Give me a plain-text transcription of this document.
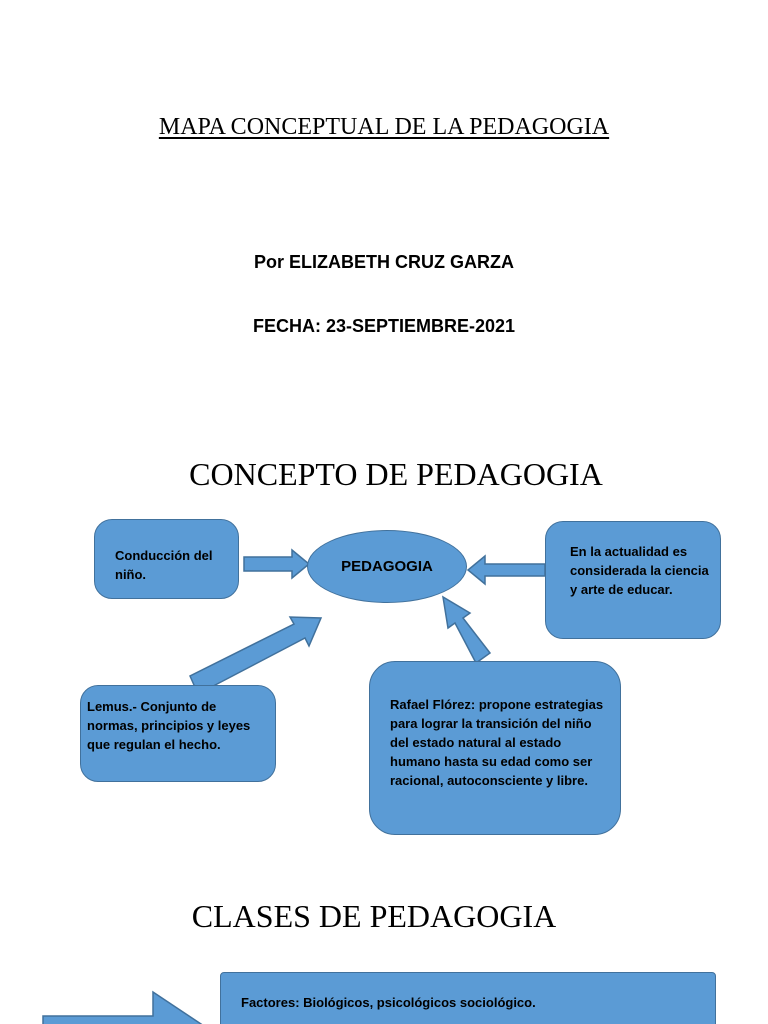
MAPA CONCEPTUAL DE LA PEDAGOGIA
Por ELIZABETH CRUZ GARZA
FECHA: 23-SEPTIEMBRE-2021
CONCEPTO DE PEDAGOGIA
Conducción del niño.	PEDAGOGIA
En la actualidad es considerada la ciencia y arte de educar.
Lemus.- Conjunto de normas, principios y leyes que regulan el hecho.
Rafael Flórez: propone estrategias para lograr la transición del niño del estado natural al estado humano hasta su edad como ser racional, autoconsciente y libre.
CLASES DE PEDAGOGIA
Factores: Biológicos, psicológicos sociológico.
